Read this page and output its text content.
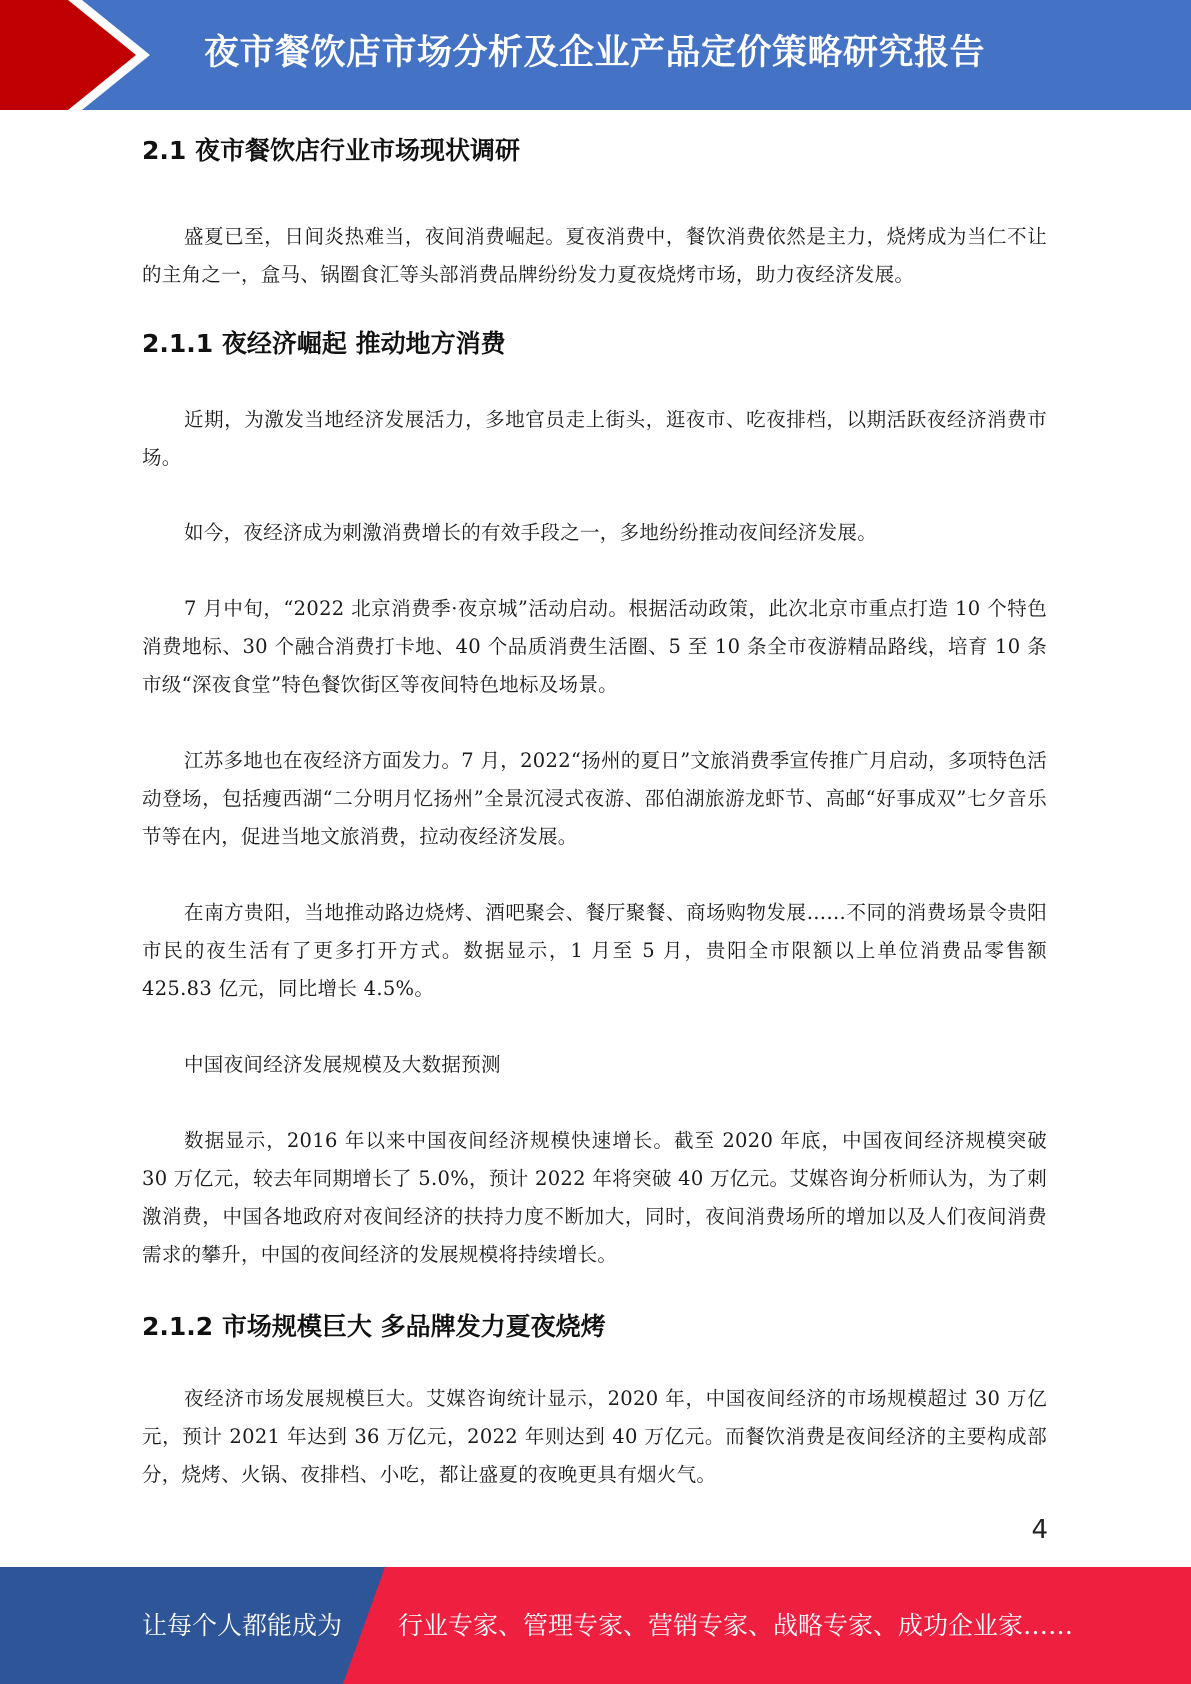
夜市餐饮店市场分析及企业产品定价策略研究报告
2.1 夜市餐饮店行业市场现状调研

盛夏已至，日间炎热难当，夜间消费崛起。夏夜消费中，餐饮消费依然是主力，烧烤成为当仁不让的主角之一，盒马、锅圈食汇等头部消费品牌纷纷发力夏夜烧烤市场，助力夜经济发展。

2.1.1 夜经济崛起 推动地方消费

近期，为激发当地经济发展活力，多地官员走上街头，逛夜市、吃夜排档，以期活跃夜经济消费市场。

如今，夜经济成为刺激消费增长的有效手段之一，多地纷纷推动夜间经济发展。

7 月中旬，“2022 北京消费季·夜京城”活动启动。根据活动政策，此次北京市重点打造 10 个特色消费地标、30 个融合消费打卡地、40 个品质消费生活圈、5 至 10 条全市夜游精品路线，培育 10 条市级“深夜食堂”特色餐饮街区等夜间特色地标及场景。

江苏多地也在夜经济方面发力。7 月，2022“扬州的夏日”文旅消费季宣传推广月启动，多项特色活动登场，包括瘦西湖“二分明月忆扬州”全景沉浸式夜游、邵伯湖旅游龙虾节、高邮“好事成双”七夕音乐节等在内，促进当地文旅消费，拉动夜经济发展。

在南方贵阳，当地推动路边烧烤、酒吧聚会、餐厅聚餐、商场购物发展……不同的消费场景令贵阳市民的夜生活有了更多打开方式。数据显示，1 月至 5 月，贵阳全市限额以上单位消费品零售额 425.83 亿元，同比增长 4.5%。

中国夜间经济发展规模及大数据预测

数据显示，2016 年以来中国夜间经济规模快速增长。截至 2020 年底，中国夜间经济规模突破 30 万亿元，较去年同期增长了 5.0%，预计 2022 年将突破 40 万亿元。艾媒咨询分析师认为，为了刺激消费，中国各地政府对夜间经济的扶持力度不断加大，同时，夜间消费场所的增加以及人们夜间消费需求的攀升，中国的夜间经济的发展规模将持续增长。

2.1.2 市场规模巨大 多品牌发力夏夜烧烤

夜经济市场发展规模巨大。艾媒咨询统计显示，2020 年，中国夜间经济的市场规模超过 30 万亿元，预计 2021 年达到 36 万亿元，2022 年则达到 40 万亿元。而餐饮消费是夜间经济的主要构成部分，烧烤、火锅、夜排档、小吃，都让盛夏的夜晚更具有烟火气。

4
让每个人都能成为 行业专家、管理专家、营销专家、战略专家、成功企业家……
